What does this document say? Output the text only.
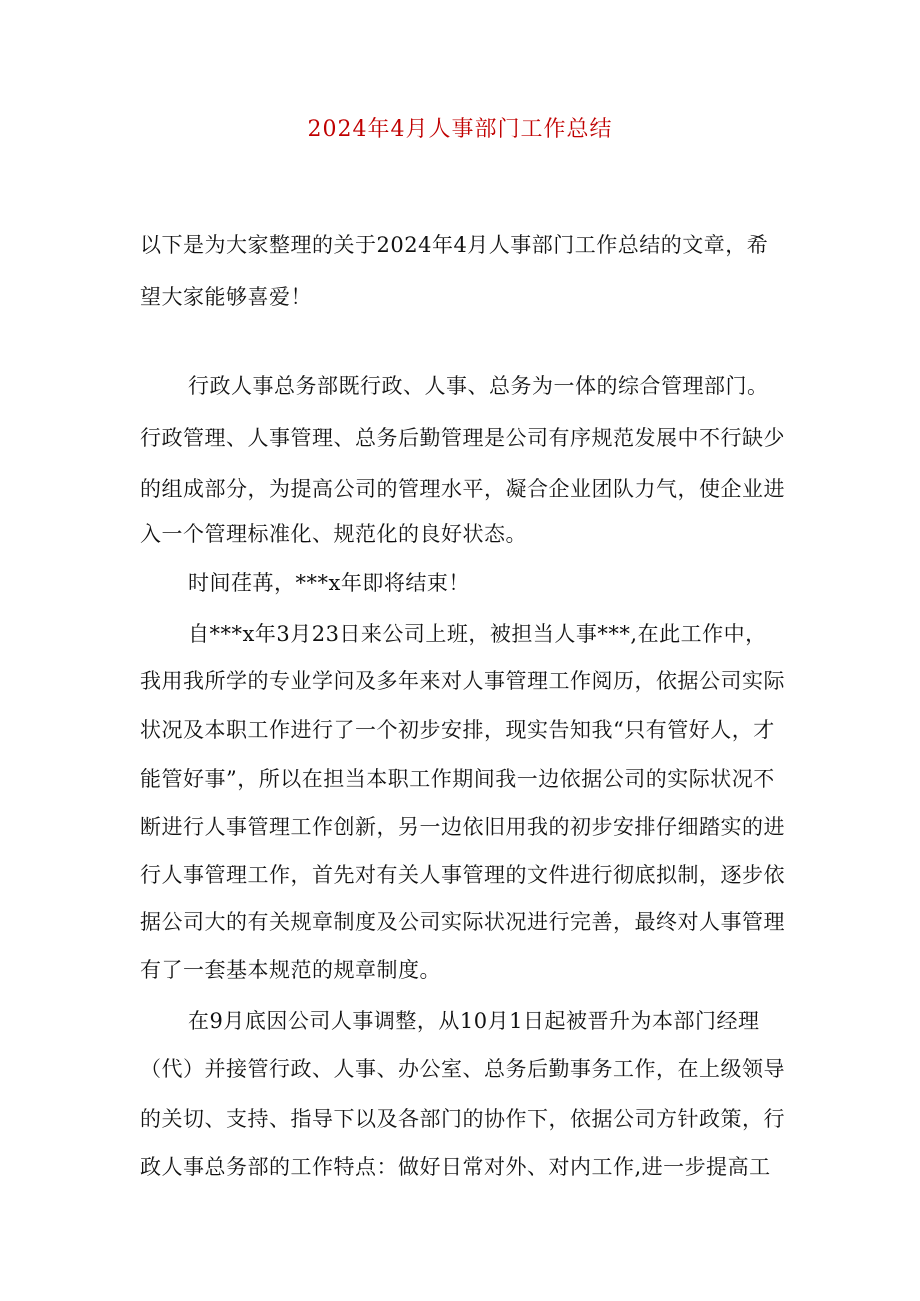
2024年4月人事部门工作总结
以下是为大家整理的关于2024年4月人事部门工作总结的文章，希
望大家能够喜爱！
行政人事总务部既行政、人事、总务为一体的综合管理部门。
行政管理、人事管理、总务后勤管理是公司有序规范发展中不行缺少
的组成部分，为提高公司的管理水平，凝合企业团队力气，使企业进
入一个管理标准化、规范化的良好状态。
时间荏苒，***x年即将结束！
自***x年3月23日来公司上班，被担当人事***,在此工作中，
我用我所学的专业学问及多年来对人事管理工作阅历，依据公司实际
状况及本职工作进行了一个初步安排，现实告知我“只有管好人，才
能管好事”，所以在担当本职工作期间我一边依据公司的实际状况不
断进行人事管理工作创新，另一边依旧用我的初步安排仔细踏实的进
行人事管理工作，首先对有关人事管理的文件进行彻底拟制，逐步依
据公司大的有关规章制度及公司实际状况进行完善，最终对人事管理
有了一套基本规范的规章制度。
在9月底因公司人事调整，从10月1日起被晋升为本部门经理
（代）并接管行政、人事、办公室、总务后勤事务工作，在上级领导
的关切、支持、指导下以及各部门的协作下，依据公司方针政策，行
政人事总务部的工作特点：做好日常对外、对内工作,进一步提高工
